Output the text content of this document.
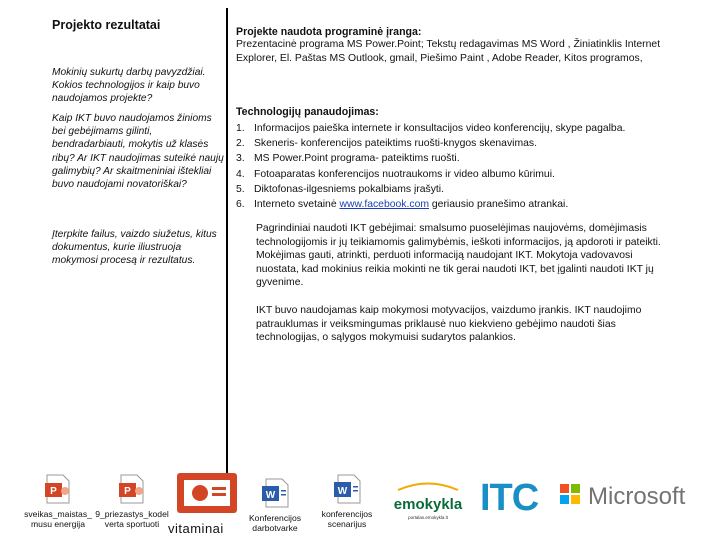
Projekto rezultatai
Mokinių sukurtų darbų pavyzdžiai. Kokios technologijos ir kaip buvo naudojamos projekte?
Kaip IKT buvo naudojamos žinioms bei gebėjimams gilinti, bendradarbiauti, mokytis už klasės ribų? Ar IKT naudojimas suteikė naujų galimybių? Ar skaitmeniniai ištekliai buvo naudojami novatoriškai?
Įterpkite failus, vaizdo siužetus, kitus dokumentus, kurie iliustruoja mokymosi procesą ir rezultatus.
Projekte naudota programinė įranga:
Prezentacinė programa MS Power.Point; Tekstų redagavimas MS Word , Žiniatinklis Internet Explorer, El. Paštas MS Outlook, gmail, Piešimo Paint , Adobe Reader, Kitos programos,
Technologijų panaudojimas:
1. Informacijos paieška internete ir konsultacijos video konferencijų, skype pagalba.
2. Skeneris- konferencijos pateiktims ruošti-knygos skenavimas.
3. MS Power.Point programa- pateiktims ruošti.
4. Fotoaparatas konferencijos nuotraukoms ir video albumo kūrimui.
5. Diktofonas-ilgesniems pokalbiams įrašyti.
6. Interneto svetainė www.facebook.com geriausio pranešimo atrankai.
Pagrindiniai naudoti IKT gebėjimai: smalsumo puoselėjimas naujovėms, domėjimasis technologijomis ir jų teikiamomis galimybėmis, ieškoti informacijos, ją apdoroti ir pateikti. Mokėjimas gauti, atrinkti, perduoti informaciją naudojant IKT. Mokytoja vadovavosi nuostata, kad mokinius reikia mokinti ne tik gerai naudoti IKT, bet įgalinti naudoti IKT jų gyvenime.
IKT buvo naudojamas kaip mokymosi motyvacijos, vaizdumo įrankis. IKT naudojimo patrauklumas ir veiksmingumas priklausė nuo kiekvieno gebėjimo naudoti šias technologijas, o sąlygos mokymuisi sudarytos palankios.
P
sveikas_maistas_ musu energija
P
9_priezastys_kodel verta sportuoti vitaminai
W
Konferencijos darbotvarke
W
konferencijos scenarijus
emokykla
portalas.emokykla.lt ITC Microsoft
